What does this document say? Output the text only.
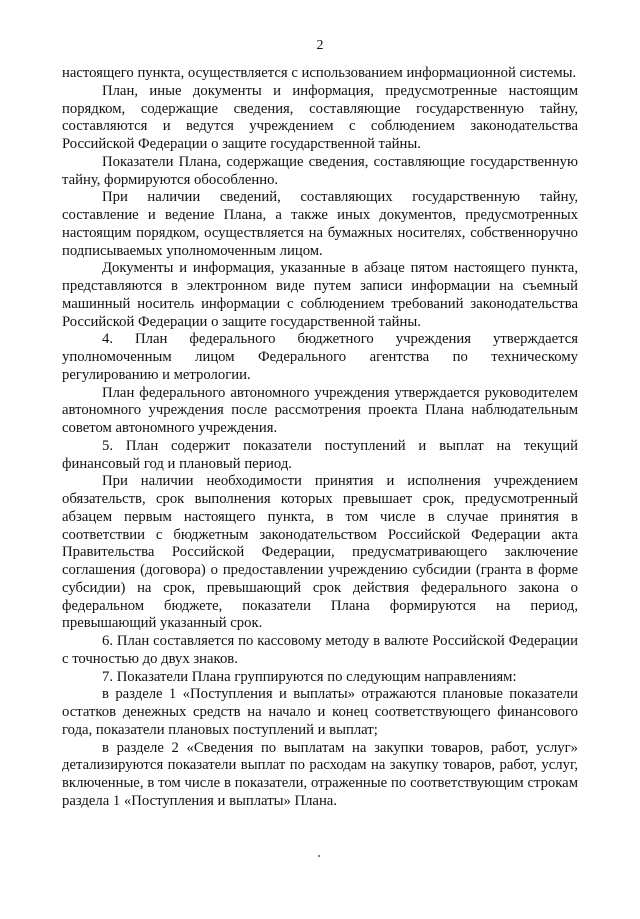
2

настоящего пункта, осуществляется с использованием информационной системы.

План, иные документы и информация, предусмотренные настоящим порядком, содержащие сведения, составляющие государственную тайну, составляются и ведутся учреждением с соблюдением законодательства Российской Федерации о защите государственной тайны.

Показатели Плана, содержащие сведения, составляющие государственную тайну, формируются обособленно.

При наличии сведений, составляющих государственную тайну, составление и ведение Плана, а также иных документов, предусмотренных настоящим порядком, осуществляется на бумажных носителях, собственноручно подписываемых уполномоченным лицом.

Документы и информация, указанные в абзаце пятом настоящего пункта, представляются в электронном виде путем записи информации на съемный машинный носитель информации с соблюдением требований законодательства Российской Федерации о защите государственной тайны.

4. План федерального бюджетного учреждения утверждается уполномоченным лицом Федерального агентства по техническому регулированию и метрологии.

План федерального автономного учреждения утверждается руководителем автономного учреждения после рассмотрения проекта Плана наблюдательным советом автономного учреждения.

5. План содержит показатели поступлений и выплат на текущий финансовый год и плановый период.

При наличии необходимости принятия и исполнения учреждением обязательств, срок выполнения которых превышает срок, предусмотренный абзацем первым настоящего пункта, в том числе в случае принятия в соответствии с бюджетным законодательством Российской Федерации акта Правительства Российской Федерации, предусматривающего заключение соглашения (договора) о предоставлении учреждению субсидии (гранта в форме субсидии) на срок, превышающий срок действия федерального закона о федеральном бюджете, показатели Плана формируются на период, превышающий указанный срок.

6. План составляется по кассовому методу в валюте Российской Федерации с точностью до двух знаков.

7. Показатели Плана группируются по следующим направлениям:

в разделе 1 «Поступления и выплаты» отражаются плановые показатели остатков денежных средств на начало и конец соответствующего финансового года, показатели плановых поступлений и выплат;

в разделе 2 «Сведения по выплатам на закупки товаров, работ, услуг» детализируются показатели выплат по расходам на закупку товаров, работ, услуг, включенные, в том числе в показатели, отраженные по соответствующим строкам раздела 1 «Поступления и выплаты» Плана.
